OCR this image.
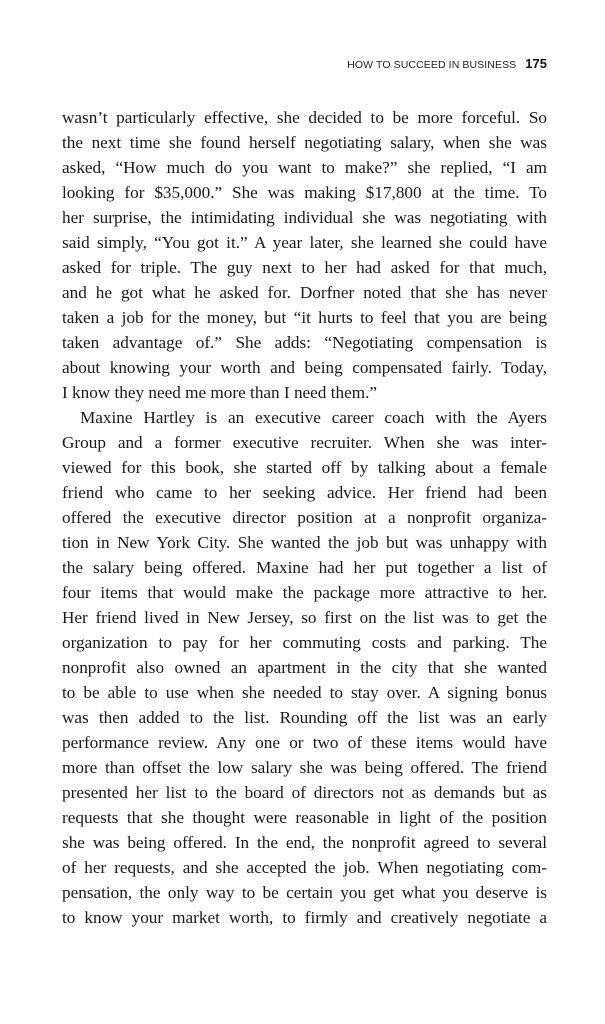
HOW TO SUCCEED IN BUSINESS 175
wasn’t particularly effective, she decided to be more forceful. So
the next time she found herself negotiating salary, when she was
asked, “How much do you want to make?” she replied, “I am
looking for $35,000.” She was making $17,800 at the time. To
her surprise, the intimidating individual she was negotiating with
said simply, “You got it.” A year later, she learned she could have
asked for triple. The guy next to her had asked for that much,
and he got what he asked for. Dorfner noted that she has never
taken a job for the money, but “it hurts to feel that you are being
taken advantage of.” She adds: “Negotiating compensation is
about knowing your worth and being compensated fairly. Today,
I know they need me more than I need them.”
Maxine Hartley is an executive career coach with the Ayers
Group and a former executive recruiter. When she was inter-
viewed for this book, she started off by talking about a female
friend who came to her seeking advice. Her friend had been
offered the executive director position at a nonprofit organiza-
tion in New York City. She wanted the job but was unhappy with
the salary being offered. Maxine had her put together a list of
four items that would make the package more attractive to her.
Her friend lived in New Jersey, so first on the list was to get the
organization to pay for her commuting costs and parking. The
nonprofit also owned an apartment in the city that she wanted
to be able to use when she needed to stay over. A signing bonus
was then added to the list. Rounding off the list was an early
performance review. Any one or two of these items would have
more than offset the low salary she was being offered. The friend
presented her list to the board of directors not as demands but as
requests that she thought were reasonable in light of the position
she was being offered. In the end, the nonprofit agreed to several
of her requests, and she accepted the job. When negotiating com-
pensation, the only way to be certain you get what you deserve is
to know your market worth, to firmly and creatively negotiate a
